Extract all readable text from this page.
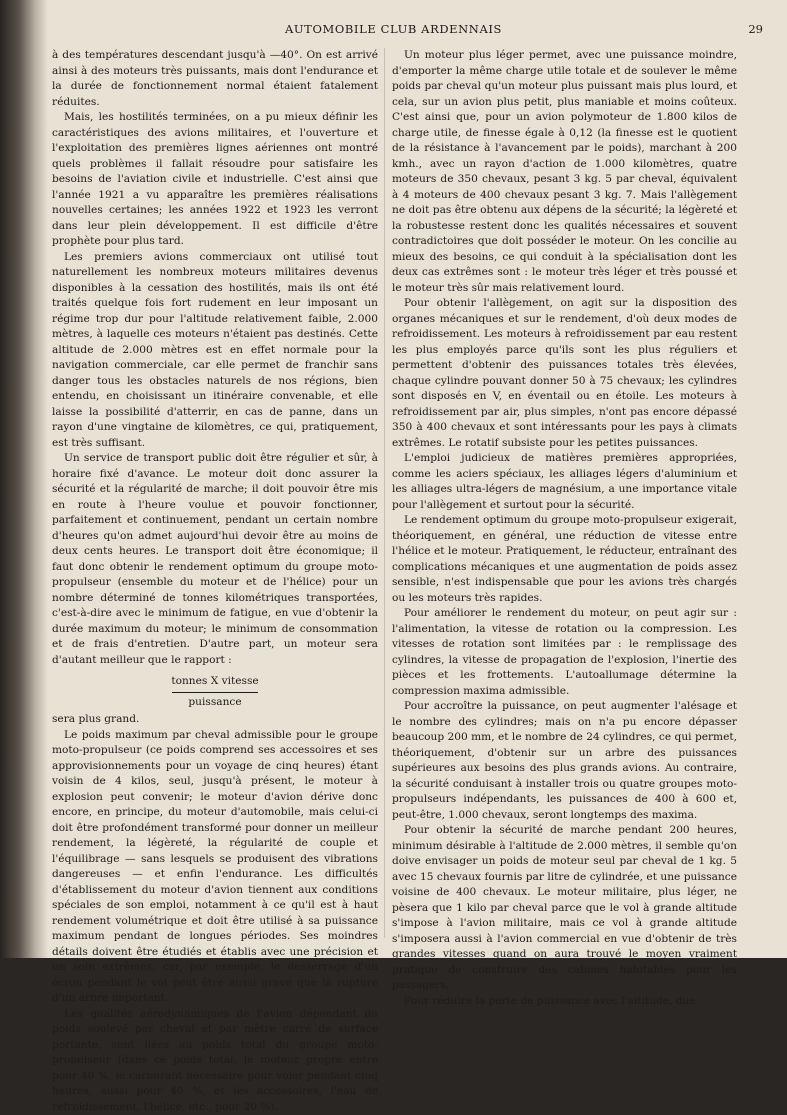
AUTOMOBILE CLUB ARDENNAIS	29

à des températures descendant jusqu'à —40°. On est arrivé ainsi à des moteurs très puissants, mais dont l'endurance et la durée de fonctionnement normal étaient fatalement réduites.

Mais, les hostilités terminées, on a pu mieux définir les caractéristiques des avions militaires, et l'ouverture et l'exploitation des premières lignes aériennes ont montré quels problèmes il fallait résoudre pour satisfaire les besoins de l'aviation civile et industrielle. C'est ainsi que l'année 1921 a vu apparaître les premières réalisations nouvelles certaines; les années 1922 et 1923 les verront dans leur plein développement. Il est difficile d'être prophète pour plus tard.

Les premiers avions commerciaux ont utilisé tout naturellement les nombreux moteurs militaires devenus disponibles à la cessation des hostilités, mais ils ont été traités quelque fois fort rudement en leur imposant un régime trop dur pour l'altitude relativement faible, 2.000 mètres, à laquelle ces moteurs n'étaient pas destinés. Cette altitude de 2.000 mètres est en effet normale pour la navigation commerciale, car elle permet de franchir sans danger tous les obstacles naturels de nos régions, bien entendu, en choisissant un itinéraire convenable, et elle laisse la possibilité d'atterrir, en cas de panne, dans un rayon d'une vingtaine de kilomètres, ce qui, pratiquement, est très suffisant.

Un service de transport public doit être régulier et sûr, à horaire fixé d'avance. Le moteur doit donc assurer la sécurité et la régularité de marche; il doit pouvoir être mis en route à l'heure voulue et pouvoir fonctionner, parfaitement et continuement, pendant un certain nombre d'heures qu'on admet aujourd'hui devoir être au moins de deux cents heures. Le transport doit être économique; il faut donc obtenir le rendement optimum du groupe moto-propulseur (ensemble du moteur et de l'hélice) pour un nombre déterminé de tonnes kilométriques transportées, c'est-à-dire avec le minimum de fatigue, en vue d'obtenir la durée maximum du moteur; le minimum de consommation et de frais d'entretien. D'autre part, un moteur sera d'autant meilleur que le rapport :

tonnes X vitesse
puissance

sera plus grand.

Le poids maximum par cheval admissible pour le groupe moto-propulseur (ce poids comprend ses accessoires et ses approvisionnements pour un voyage de cinq heures) étant voisin de 4 kilos, seul, jusqu'à présent, le moteur à explosion peut convenir; le moteur d'avion dérive donc encore, en principe, du moteur d'automobile, mais celui-ci doit être profondément transformé pour donner un meilleur rendement, la légèreté, la régularité de couple et l'équilibrage — sans lesquels se produisent des vibrations dangereuses — et enfin l'endurance. Les difficultés d'établissement du moteur d'avion tiennent aux conditions spéciales de son emploi, notamment à ce qu'il est à haut rendement volumétrique et doit être utilisé à sa puissance maximum pendant de longues périodes. Ses moindres détails doivent être étudiés et établis avec une précision et un soin extrêmes, car, par exemple, le desserrage d'un écrou pendant le vol peut être aussi grave que la rupture d'un arbre important.

Les qualités aérodynamiques de l'avion dépendant du poids soulevé par cheval et par mètre carré de surface portante, sont liées au poids total du groupe moto-propulseur (dans ce poids total, le moteur propre entre pour 40 %, le carburant nécessaire pour voler pendant cinq heures, aussi pour 40 %, et les accessoires, l'eau de refroidissement, l'hélice, etc., pour 20 %).

Un moteur plus léger permet, avec une puissance moindre, d'emporter la même charge utile totale et de soulever le même poids par cheval qu'un moteur plus puissant mais plus lourd, et cela, sur un avion plus petit, plus maniable et moins coûteux. C'est ainsi que, pour un avion polymoteur de 1.800 kilos de charge utile, de finesse égale à 0,12 (la finesse est le quotient de la résistance à l'avancement par le poids), marchant à 200 kmh., avec un rayon d'action de 1.000 kilomètres, quatre moteurs de 350 chevaux, pesant 3 kg. 5 par cheval, équivalent à 4 moteurs de 400 chevaux pesant 3 kg. 7. Mais l'allègement ne doit pas être obtenu aux dépens de la sécurité; la légèreté et la robustesse restent donc les qualités nécessaires et souvent contradictoires que doit posséder le moteur. On les concilie au mieux des besoins, ce qui conduit à la spécialisation dont les deux cas extrêmes sont : le moteur très léger et très poussé et le moteur très sûr mais relativement lourd.

Pour obtenir l'allègement, on agit sur la disposition des organes mécaniques et sur le rendement, d'où deux modes de refroidissement. Les moteurs à refroidissement par eau restent les plus employés parce qu'ils sont les plus réguliers et permettent d'obtenir des puissances totales très élevées, chaque cylindre pouvant donner 50 à 75 chevaux; les cylindres sont disposés en V, en éventail ou en étoile. Les moteurs à refroidissement par air, plus simples, n'ont pas encore dépassé 350 à 400 chevaux et sont intéressants pour les pays à climats extrêmes. Le rotatif subsiste pour les petites puissances.

L'emploi judicieux de matières premières appropriées, comme les aciers spéciaux, les alliages légers d'aluminium et les alliages ultra-légers de magnésium, a une importance vitale pour l'allègement et surtout pour la sécurité.

Le rendement optimum du groupe moto-propulseur exigerait, théoriquement, en général, une réduction de vitesse entre l'hélice et le moteur. Pratiquement, le réducteur, entraînant des complications mécaniques et une augmentation de poids assez sensible, n'est indispensable que pour les avions très chargés ou les moteurs très rapides.

Pour améliorer le rendement du moteur, on peut agir sur : l'alimentation, la vitesse de rotation ou la compression. Les vitesses de rotation sont limitées par : le remplissage des cylindres, la vitesse de propagation de l'explosion, l'inertie des pièces et les frottements. L'autoallumage détermine la compression maxima admissible.

Pour accroître la puissance, on peut augmenter l'alésage et le nombre des cylindres; mais on n'a pu encore dépasser beaucoup 200 mm, et le nombre de 24 cylindres, ce qui permet, théoriquement, d'obtenir sur un arbre des puissances supérieures aux besoins des plus grands avions. Au contraire, la sécurité conduisant à installer trois ou quatre groupes moto-propulseurs indépendants, les puissances de 400 à 600 et, peut-être, 1.000 chevaux, seront longtemps des maxima.

Pour obtenir la sécurité de marche pendant 200 heures, minimum désirable à l'altitude de 2.000 mètres, il semble qu'on doive envisager un poids de moteur seul par cheval de 1 kg. 5 avec 15 chevaux fournis par litre de cylindrée, et une puissance voisine de 400 chevaux. Le moteur militaire, plus léger, ne pèsera que 1 kilo par cheval parce que le vol à grande altitude s'impose à l'avion militaire, mais ce vol à grande altitude s'imposera aussi à l'avion commercial en vue d'obtenir de très grandes vitesses quand on aura trouvé le moyen vraiment pratique de construire des cabines habitables pour les passagers.

Pour réduire la perte de puissance avec l'altitude, due
